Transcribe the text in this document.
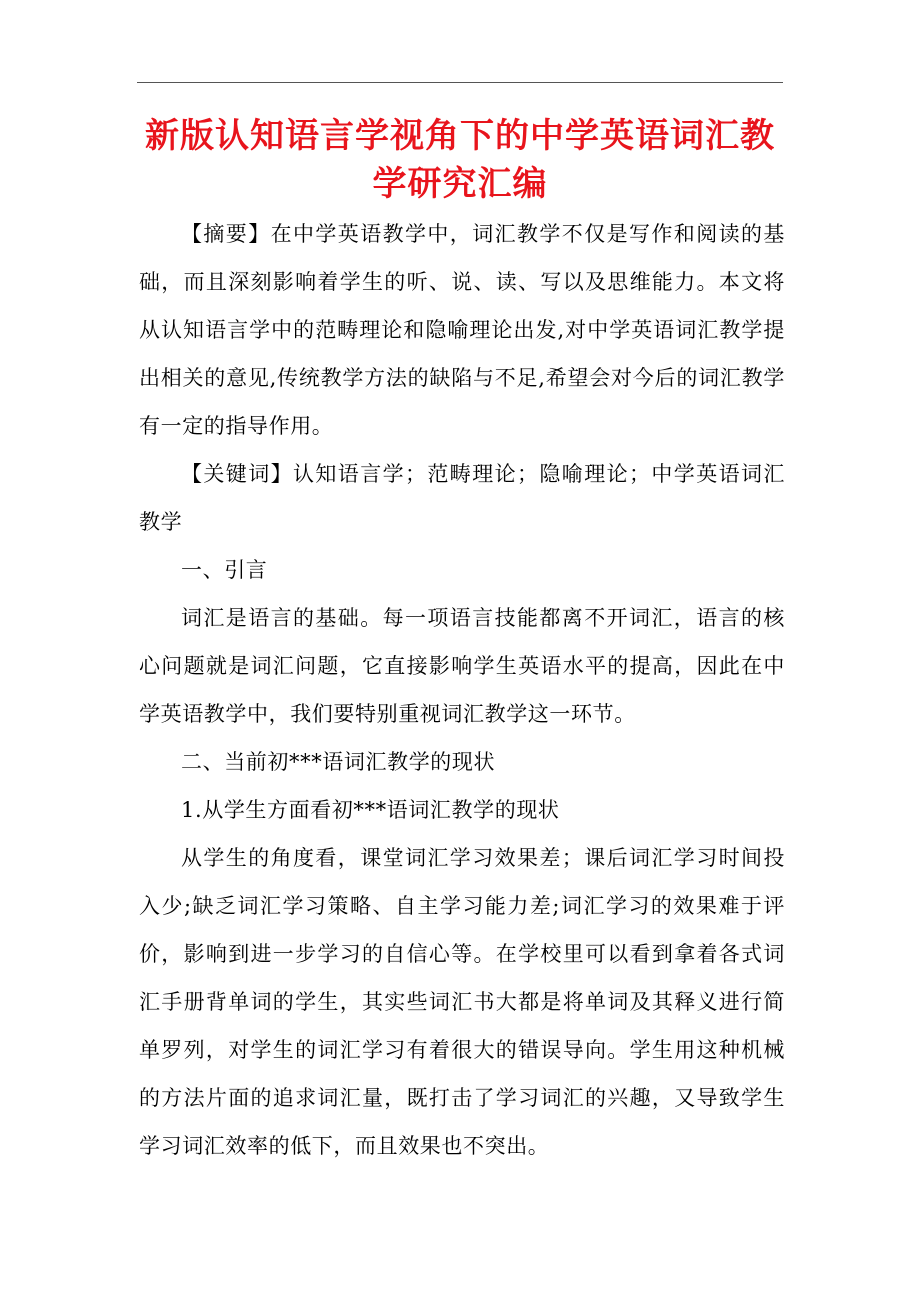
新版认知语言学视角下的中学英语词汇教
学研究汇编

【摘要】在中学英语教学中，词汇教学不仅是写作和阅读的基础，而且深刻影响着学生的听、说、读、写以及思维能力。本文将从认知语言学中的范畴理论和隐喻理论出发,对中学英语词汇教学提出相关的意见,传统教学方法的缺陷与不足,希望会对今后的词汇教学有一定的指导作用。

【关键词】认知语言学；范畴理论；隐喻理论；中学英语词汇教学

一、引言

词汇是语言的基础。每一项语言技能都离不开词汇，语言的核心问题就是词汇问题，它直接影响学生英语水平的提高，因此在中学英语教学中，我们要特别重视词汇教学这一环节。

二、当前初***语词汇教学的现状

1.从学生方面看初***语词汇教学的现状

从学生的角度看，课堂词汇学习效果差；课后词汇学习时间投入少;缺乏词汇学习策略、自主学习能力差;词汇学习的效果难于评价，影响到进一步学习的自信心等。在学校里可以看到拿着各式词汇手册背单词的学生，其实些词汇书大都是将单词及其释义进行简单罗列，对学生的词汇学习有着很大的错误导向。学生用这种机械的方法片面的追求词汇量，既打击了学习词汇的兴趣，又导致学生学习词汇效率的低下，而且效果也不突出。
